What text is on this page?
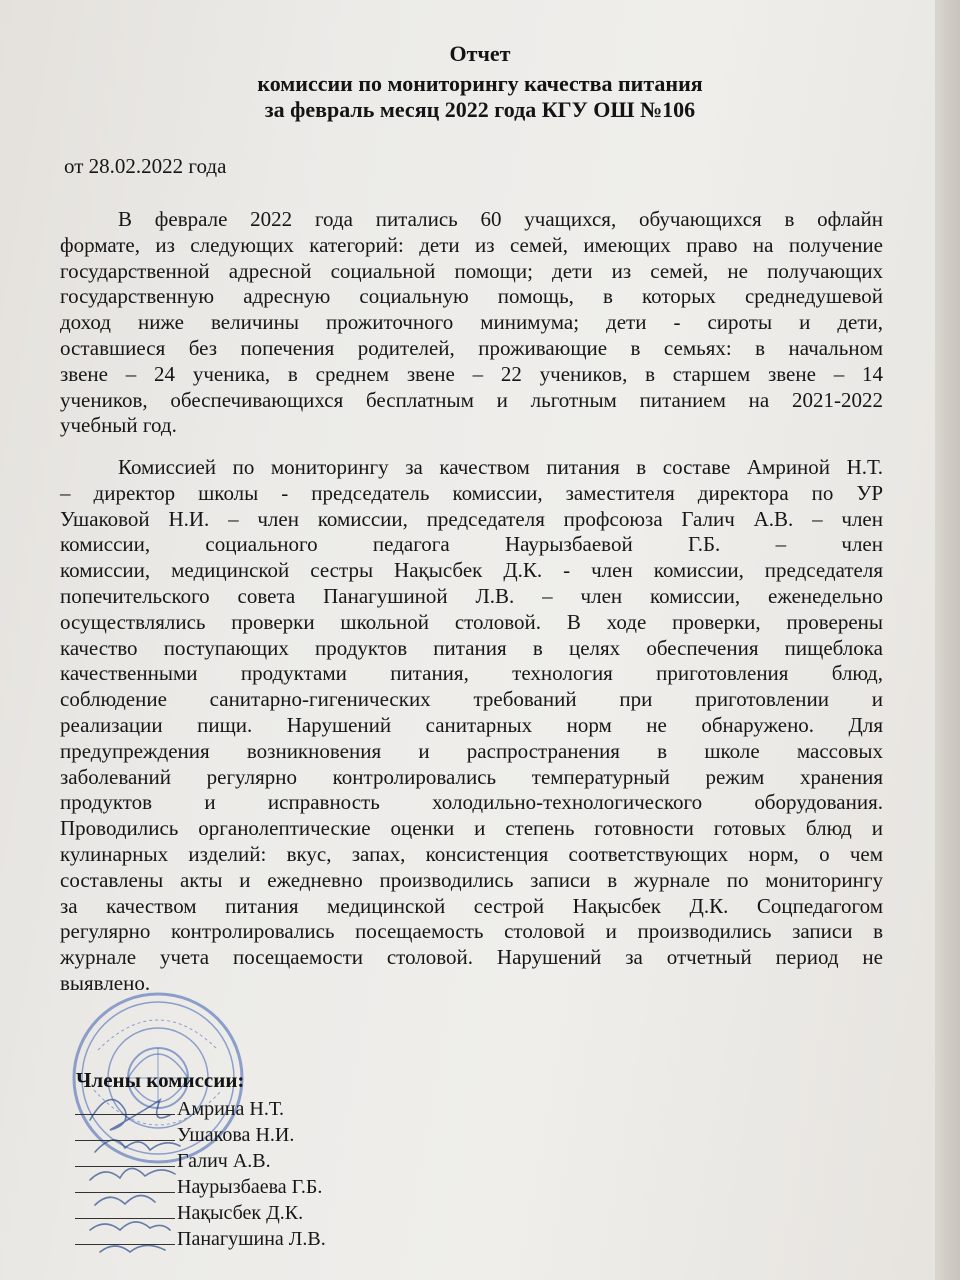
Отчет
комиссии по мониторингу качества питания
за февраль месяц 2022 года КГУ ОШ №106
от 28.02.2022 года
В феврале 2022 года питались 60 учащихся, обучающихся в офлайн
формате, из следующих категорий: дети из семей, имеющих право на получение
государственной адресной социальной помощи; дети из семей, не получающих
государственную адресную социальную помощь, в которых среднедушевой
доход ниже величины прожиточного минимума; дети - сироты и дети,
оставшиеся без попечения родителей, проживающие в семьях: в начальном
звене – 24 ученика, в среднем звене – 22 учеников, в старшем звене – 14
учеников, обеспечивающихся бесплатным и льготным питанием на 2021-2022
учебный год.
Комиссией по мониторингу за качеством питания в составе Амриной Н.Т.
– директор школы - председатель комиссии, заместителя директора по УР
Ушаковой Н.И. – член комиссии, председателя профсоюза Галич А.В. – член
комиссии, социального педагога Наурызбаевой Г.Б. – член
комиссии, медицинской сестры Нақысбек Д.К. - член комиссии, председателя
попечительского совета Панагушиной Л.В. – член комиссии, еженедельно
осуществлялись проверки школьной столовой. В ходе проверки, проверены
качество поступающих продуктов питания в целях обеспечения пищеблока
качественными продуктами питания, технология приготовления блюд,
соблюдение санитарно-гигенических требований при приготовлении и
реализации пищи. Нарушений санитарных норм не обнаружено. Для
предупреждения возникновения и распространения в школе массовых
заболеваний регулярно контролировались температурный режим хранения
продуктов и исправность холодильно-технологического оборудования.
Проводились органолептические оценки и степень готовности готовых блюд и
кулинарных изделий: вкус, запах, консистенция соответствующих норм, о чем
составлены акты и ежедневно производились записи в журнале по мониторингу
за качеством питания медицинской сестрой Нақысбек Д.К. Соцпедагогом
регулярно контролировались посещаемость столовой и производились записи в
журнале учета посещаемости столовой. Нарушений за отчетный период не
выявлено.
Члены комиссии:
Амрина Н.Т.
Ушакова Н.И.
Галич А.В.
Наурызбаева Г.Б.
Нақысбек Д.К.
Панагушина Л.В.
